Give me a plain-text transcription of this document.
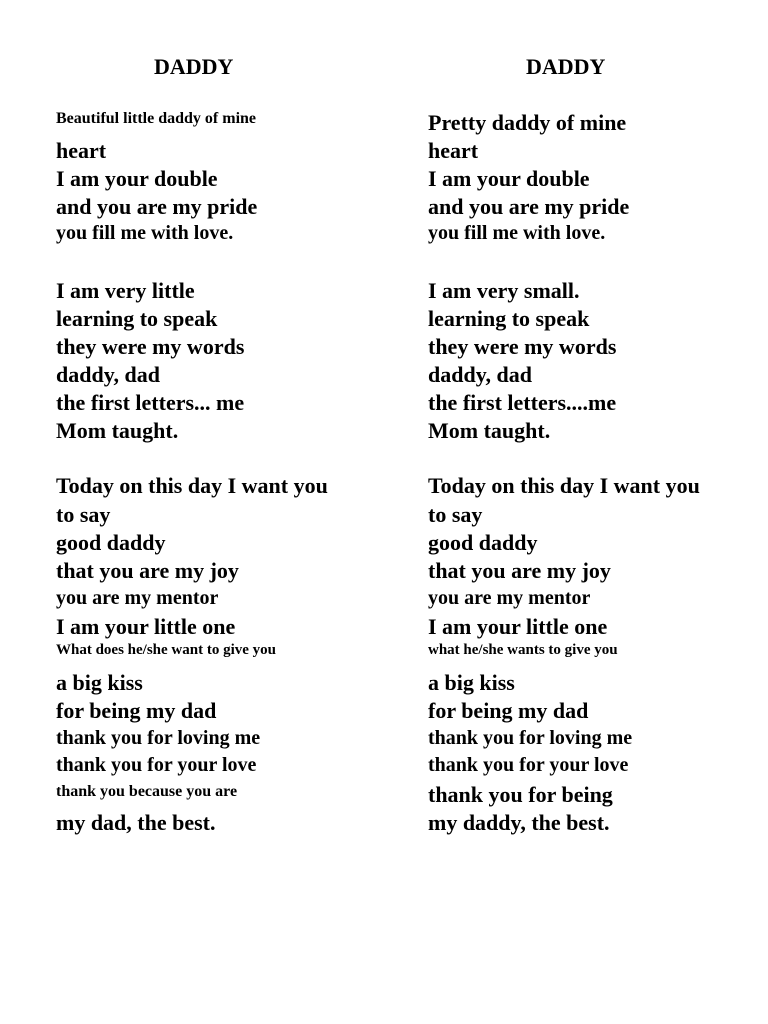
DADDY
Beautiful little daddy of mine
heart
I am your double
and you are my pride
you fill me with love.
I am very little
learning to speak
they were my words
daddy, dad
the first letters... me
Mom taught.
Today on this day I want you
to say
good daddy
that you are my joy
you are my mentor
I am your little one
What does he/she want to give you
a big kiss
for being my dad
thank you for loving me
thank you for your love
thank you because you are
my dad, the best.
DADDY
Pretty daddy of mine
heart
I am your double
and you are my pride
you fill me with love.
I am very small.
learning to speak
they were my words
daddy, dad
the first letters....me
Mom taught.
Today on this day I want you
to say
good daddy
that you are my joy
you are my mentor
I am your little one
what he/she wants to give you
a big kiss
for being my dad
thank you for loving me
thank you for your love
thank you for being
my daddy, the best.
